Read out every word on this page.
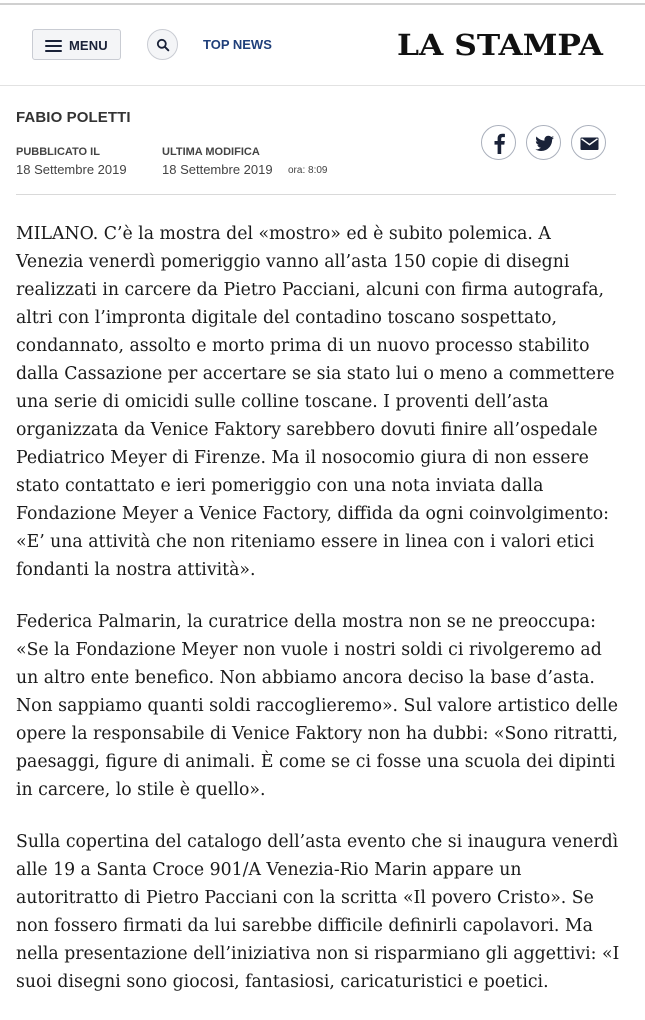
MENU	TOP NEWS	LA STAMPA
FABIO POLETTI
PUBBLICATO IL
18 Settembre 2019
ULTIMA MODIFICA
18 Settembre 2019 ora: 8:09

MILANO. C’è la mostra del «mostro» ed è subito polemica. A Venezia venerdì pomeriggio vanno all’asta 150 copie di disegni realizzati in carcere da Pietro Pacciani, alcuni con firma autografa, altri con l’impronta digitale del contadino toscano sospettato, condannato, assolto e morto prima di un nuovo processo stabilito dalla Cassazione per accertare se sia stato lui o meno a commettere una serie di omicidi sulle colline toscane. I proventi dell’asta organizzata da Venice Faktory sarebbero dovuti finire all’ospedale Pediatrico Meyer di Firenze. Ma il nosocomio giura di non essere stato contattato e ieri pomeriggio con una nota inviata dalla Fondazione Meyer a Venice Factory, diffida da ogni coinvolgimento: «E’ una attività che non riteniamo essere in linea con i valori etici fondanti la nostra attività».

Federica Palmarin, la curatrice della mostra non se ne preoccupa: «Se la Fondazione Meyer non vuole i nostri soldi ci rivolgeremo ad un altro ente benefico. Non abbiamo ancora deciso la base d’asta. Non sappiamo quanti soldi raccoglieremo». Sul valore artistico delle opere la responsabile di Venice Faktory non ha dubbi: «Sono ritratti, paesaggi, figure di animali. È come se ci fosse una scuola dei dipinti in carcere, lo stile è quello».

Sulla copertina del catalogo dell’asta evento che si inaugura venerdì alle 19 a Santa Croce 901/A Venezia-Rio Marin appare un autoritratto di Pietro Pacciani con la scritta «Il povero Cristo». Se non fossero firmati da lui sarebbe difficile definirli capolavori. Ma nella presentazione dell’iniziativa non si risparmiano gli aggettivi: «I suoi disegni sono giocosi, fantasiosi, caricaturistici e poetici.
